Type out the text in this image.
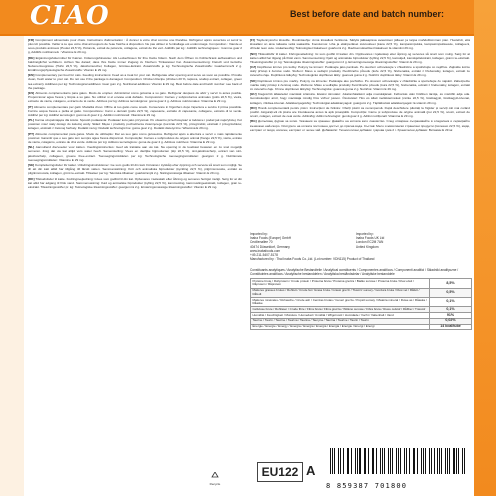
CIAO	Best before date and batch number:
[FR] Complément alimentaire pour chats. Instructions d'alimentation : À donner à votre chat comme une friandise. Réfrigérer après ouverture et servir le plus tôt possible. Veiller à ce que votre chat ait toujours de l'eau fraîche à disposition. Ne pas utiliser si l'emballage est endommagé. Composition : Viande et sous-produits animaux (Poulet 22,5 %), Pétoncle, extrait de pétoncle, collagène, extrait de thé vert. Additifs par kg : Additifs technologiques : Gomme guar 2 g, Additifs nutritionnels : Vitamine E 29 mg.
[DE] Ergänzungsfuttermittel für Katzen. Fütterungshinweise: Als Leckerbissen für Ihre Katze füttern. Nach dem Öffnen im Kühlschrank aufbewahren und baldmöglichst verfüttern. Achten Sie darauf, dass Ihre Katze immer Zugang zu frischem Trinkwasser hat. Zusammensetzung: Fleisch und tierische Nebenerzeugnisse (Huhn 22,5 %), Jakobsmuschel, Kollagen, Grüntee-Extrakt. Zusatzstoffe je kg: Technologische Zusatzstoffe: Guarkernmehl 2 g. Ernährungsphysiologische Zusatzstoffe: Vitamin E 29 mg.
[EN] Complementary pet food for cats. Feeding instructions: Feed as a treat for your cat. Refrigerate after opening and serve as soon as possible. Provide clean, fresh water to your cat. Do not use if the package is damaged. Composition: Chicken Recipe (chicken 20 %, tapioca, scallop extract, collagen, green tea extract). Additives per kg: Technological additives: Guar gum 2 g. Nutritional additives: Vitamin E 29 mg. Best before date and batch number: see back of the package.
[ES] Alimento complementario para gatos. Modo de empleo: Administrar como golosina a su gato. Refrigerar después de abrir y servir lo antes posible. Proporcionar agua fresca y limpia a su gato. No utilizar si el envase está dañado. Composición: Carnes y subproductos animales (pollo 22,5 %), vieira, extracto de vieira, colágeno, extracto de té verde. Aditivos por kg: Aditivos tecnológicos: goma guar 2 g. Aditivos nutricionales: Vitamina E 29 mg.
[IT] Alimento complementare per gatti. Modalità d'uso: Offrire al tuo gatto come snack. Conservare in frigorifero dopo l'apertura e servire il prima possibile. Fornire acqua fresca e pulita al gatto. Composizione: Carni e derivati (pollo 22,5 %), capesante, estratto di capesante, collagene, estratto di tè verde. Additivi per kg: Additivi tecnologici: gomma di guar 2 g. Additivi nutrizionali: Vitamina E 29 mg.
[PL] Karma uzupełniająca dla kotów. Sposób podawania: Podawać kotu jako przysmak. Po otwarciu przechowywać w lodówce i podać jak najszybciej. Kot powinien mieć stały dostęp do świeżej wody. Skład: Mięso i produkty pochodzenia zwierzęcego (kurczak 22,5 %), przegrzebki, ekstrakt z przegrzebków, kolagen, ekstrakt z zielonej herbaty. Dodatki na kg: Dodatki technologiczne: guma guar 2 g. Dodatki dietetyczne: Witamina E 29 mg.
[PT] Alimento complementar para gatos. Modo de utilização: Dar ao seu gato como guloseima. Refrigerar após a abertura e servir o mais rapidamente possível. Garantir que o seu gato tem sempre água fresca disponível. Composição: Carnes e subprodutos de origem animal (frango 22,5 %), vieira, extrato de vieira, colagénio, extrato de chá verde. Aditivos por kg: Aditivos tecnológicos: goma de guar 2 g. Aditivos nutritivos: Vitamina E 29 mg.
[NL] Aanvullend diervoeder voor katten. Voedingsinstructies: Geef als traktatie aan uw kat. Na opening in de koelkast bewaren en zo snel mogelijk serveren. Zorg dat uw kat altijd vers water heeft. Samenstelling: Vlees en dierlijke bijproducten (kip 22,5 %), sint-jakobsschelp, extract van sint-jakobsschelp, collageen, groene thee-extract. Toevoegingsmiddelen per kg: Technologische toevoegingsmiddelen: guargom 2 g. Nutritionele toevoegingsmiddelen: Vitamine E 29 mg.
[SE] Kompletteringsfoder för katter. Utfodringsinstruktioner: Ge som godis till din katt. Förvaras i kylskåp efter öppning och servera så snart som möjligt. Se till att din katt alltid har tillgång till färskt vatten. Sammansättning: Kött och animaliska biprodukter (kyckling 22,5 %), pilgrimsmussla, extrakt av pilgrimsmussla, kollagen, grönt te-extrakt. Tillsatser per kg: Tekniska tillsatser: guarkärnmjöl 2 g. Näringsmässiga tillsatser: Vitamin E 29 mg.
[DK] Tilskudsfoder til katte. Fodringsvejledning: Gives som godbid til din kat. Opbevares i køleskab efter åbning og serveres hurtigst muligt. Sørg for at din kat altid har adgang til frisk vand. Sammensætning: Kød og animalske biprodukter (kylling 22,5 %), kammusling, kammuslingeekstrakt, kollagen, grøn te-ekstrakt. Tilsætningsstoffer pr. kg: Teknologiske tilsætningsstoffer: guargummi 2 g. Ernæringsmæssige tilsætningsstoffer: Vitamin E 29 mg.
[FI] Täydennysrehu kissoille. Ruokintaohje: Anna kissallesi herkkuna. Säilytä jääkaapissa avaamisen jälkeen ja tarjoa mahdollisimman pian. Huolehdi, että kissallasi on aina raikasta vettä saatavilla. Koostumus: Liha ja eläinperäiset sivutuotteet (kana 22,5 %), kampasimpukka, kampasimpukkauute, kollageeni, vihreän teen uute. Lisäaineet/kg: Teknologiset lisäaineet: guarkumi 2 g. Ravitsemukselliset lisäaineet: E-vitamiini 29 mg.
[NO] Tilskuddsfôr til katter. Fôringsveiledning: Gi som godbit til katten din. Oppbevares i kjøleskap etter åpning og serveres så snart som mulig. Sørg for at katten alltid har tilgang på friskt vann. Sammensetning: Kjøtt og animalske biprodukter (kylling 22,5 %), kamskjell, kamskjellekstrakt, kollagen, grønn te-ekstrakt. Tilsetningsstoffer pr. kg: Teknologiske tilsetningsstoffer: guargummi 2 g. Ernæringsmessige tilsetningsstoffer: Vitamin E 29 mg.
[CZ] Doplňkové krmivo pro kočky. Pokyny ke krmení: Podávejte jako pamlsek. Po otevření uchovávejte v chladničce a spotřebujte co nejdříve. Zajistěte kočce stálý přístup k čerstvé vodě. Složení: Maso a vedlejší produkty živočišného původu (kuře 22,5 %), hřebenatka, extrakt z hřebenatky, kolagen, extrakt ze zeleného čaje. Doplňkové látky/kg: Technologické doplňkové látky: guarová guma 2 g. Nutriční doplňkové látky: Vitamin E 29 mg.
[SK] Doplnkové krmivo pre mačky. Pokyny na kŕmenie: Podávajte ako pochúťku. Po otvorení uchovávajte v chladničke a spotrebujte čo najskôr. Zabezpečte mačke stály prístup k čerstvej vode. Zloženie: Mäso a vedľajšie produkty živočíšneho pôvodu (kura 22,5 %), hrebenatka, extrakt z hrebenatky, kolagén, extrakt zo zeleného čaju. Kŕmne doplnkové látky/kg: Technologické: guarová guma 2 g. Nutričné: Vitamín E 29 mg.
[HU] Kiegészítő állateledel macskák számára. Etetési útmutató: Jutalomfalatként adja macskájának. Felbontás után hűtőben tárolja, és mielőbb adja oda. Gondoskodjon arról, hogy macskája mindig friss vízhez jusson. Összetétel: Hús és állati melléktermékek (csirke 22,5 %), fésűkagyló, fésűkagyló-kivonat, kollagén, zöldtea-kivonat. Adalékanyagok/kg: Technológiai adalékanyagok: guargumi 2 g. Táplálkozási adalékanyagok: E-vitamin 29 mg.
[RO] Hrană complementară pentru pisici. Instrucțiuni de hrănire: Oferiți pisicii ca recompensă. După deschidere păstrați la frigider și serviți cât mai curând posibil. Asigurați-vă că pisica are întotdeauna acces la apă proaspătă. Compoziție: Carne și subproduse de origine animală (pui 22,5 %), scoici, extract de scoici, colagen, extract de ceai verde. Aditivi/kg: Aditivi tehnologici: gumă guar 2 g. Aditivi nutriționali: Vitamina E 29 mg.
[BG] Допълващ фураж за котки. Указания за хранене: Давайте на котката като лакомство. След отваряне съхранявайте в хладилник и сервирайте възможно най-скоро. Осигурете на котката постоянен достъп до прясна вода. Състав: Месо и животински странични продукти (пилешко 22,5 %), миди, екстракт от миди, колаген, екстракт от зелен чай. Добавки/кг: Технологични добавки: гуарова гума 2 г. Хранителни добавки: Витамин Е 29 мг.
Imported by:
Inaba Foods (Europe) GmbH
Cecilienallee 70
40474 Düsseldorf, Germany
www.inabafoods.com
+49-211-5407-5178

Imported by:
Inaba Foods UK Ltd
London EC2M 7AN
United Kingdom
Manufactured by : Thai Inaba Foods Co.,Ltd. (Lot number: VDN115) Product of Thailand
Constituants analytiques / Analytische Bestandteile / Analytical constituents / Componentes analíticos / Componenti analitici / Składniki analityczne / Constituintes analíticos / Analytische bestanddelen / Analytiska beståndsdelar / Analytiske bestanddele
Protéine brute / Rohprotein / Crude protein / Proteína bruta / Proteina grezza / Białko surowe / Proteína bruta / Ruw eiwit / Råprotein / Råprotein	8,5%
Matières grasses brutes / Rohfett / Crude fat / Grasa bruta / Grassi grezzi / Tłuszcz surowy / Gordura bruta / Ruw vet / Råfett / Råfedt	0,5%
Matières minérales / Rohasche / Crude ash / Cenizas brutas / Ceneri grezze / Popiół surowy / Matéria mineral / Ruwe as / Råaska / Råaske	0,1%
Cellulose brute / Rohfaser / Crude fibre / Fibra bruta / Fibra grezza / Włókno surowe / Fibra bruta / Ruwe celstof / Råfiber / Træstof	0,1%
Humidité / Feuchtigkeit / Moisture / Humedad / Umidità / Wilgotność / Humidade / Vocht / Vattenhalt / Vand	91%
Taurine / Taurin / Taurine / Taurina / Taurina / Tauryna / Taurina / Taurine / Taurin / Taurin	0,02%
Énergie / Energie / Energy / Energía / Energia / Energia / Energia / Energie / Energi / Energi	14 kcal/tube
Recycle
EU122 A
8 859387 701800
